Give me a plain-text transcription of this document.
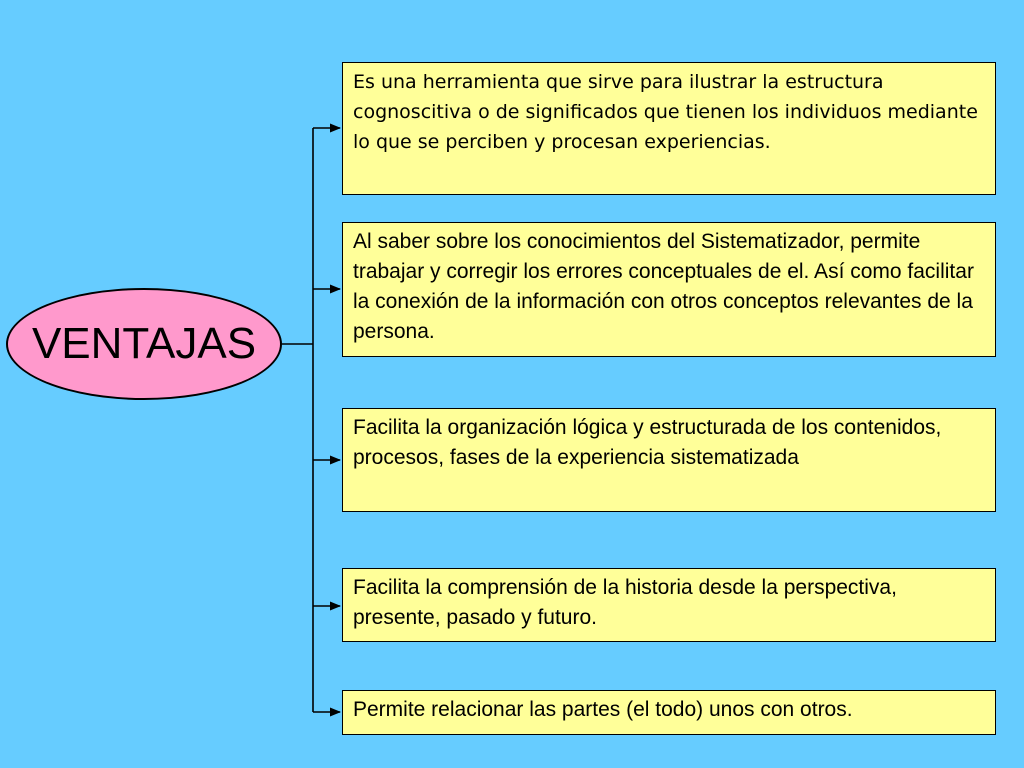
VENTAJAS
Es una herramienta que sirve para ilustrar la estructura cognoscitiva o de significados que tienen los individuos mediante lo que se perciben y procesan experiencias.
Al saber sobre los conocimientos del Sistematizador, permite trabajar y corregir los errores conceptuales de el. Así como facilitar la conexión de la información con otros conceptos relevantes de la persona.
Facilita la organización lógica y estructurada de los contenidos, procesos, fases de la experiencia sistematizada
Facilita la comprensión de la historia desde la perspectiva, presente, pasado y futuro.
Permite relacionar las partes (el todo) unos con otros.
